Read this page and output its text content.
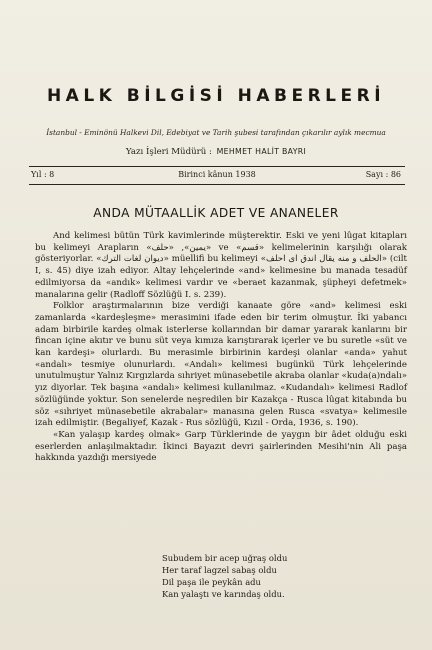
HALK BİLGİSİ HABERLERİ
İstanbul - Eminönü Halkevi Dil, Edebiyat ve Tarih şubesi tarafından çıkarılır aylık mecmua
Yazı İşleri Müdürü : MEHMET HALİT BAYRI
Yıl : 8	Birinci kânun 1938	Sayı : 86
ANDA MÜTAALLİK ADET VE ANANELER

And kelimesi bütün Türk kavimlerinde müşterektir. Eski ve yeni lûgat kitapları bu kelimeyi Arapların «يمين», «حلف» ve «قسم» kelimelerinin karşılığı olarak gösteriyorlar. «ديوان لغات الترك» müellifi bu kelimeyi «الحلف و منه يقال اندق اى احلف» (cilt I, s. 45) diye izah ediyor. Altay lehçelerinde «and» kelimesine bu manada tesadüf edilmiyorsa da «andık» kelimesi vardır ve «beraet kazanmak, şüpheyi defetmek» manalarına gelir (Radloff Sözlüğü I. s. 239).

Folklor araştırmalarının bize verdiği kanaate göre «and» kelimesi eski zamanlarda «kardeşleşme» merasimini ifade eden bir terim olmuştur. İki yabancı adam birbirile kardeş olmak isterlerse kollarından bir damar yararak kanlarını bir fincan içine akıtır ve bunu süt veya kımıza karıştırarak içerler ve bu suretle «süt ve kan kardeşi» olurlardı. Bu merasimle birbirinin kardeşi olanlar «anda» yahut «andalı» tesmiye olunurlardı. «Andalı» kelimesi bugünkü Türk lehçelerinde unutulmuştur Yalnız Kırgızlarda sıhriyet münasebetile akraba olanlar «kuda(a)ndalı» yız diyorlar. Tek başına «andalı» kelimesi kullanılmaz. «Kudandalı» kelimesi Radlof sözlüğünde yoktur. Son senelerde neşredilen bir Kazakça - Rusca lûgat kitabında bu söz «sıhriyet münasebetile akrabalar» manasına gelen Rusca «svatya» kelimesile izah edilmiştir. (Begaliyef, Kazak - Rus sözlüğü, Kızıl - Orda, 1936, s. 190).

«Kan yalaşıp kardeş olmak» Garp Türklerinde de yaygın bir âdet olduğu eski eserlerden anlaşılmaktadır. İkinci Bayazıt devri şairlerinden Mesihi'nin Ali paşa hakkında yazdığı mersiyede

Subudem bir acep uğraş oldu
Her taraf lagzel sabaş oldu
Dil paşa ile peykân adu
Kan yalaştı ve karındaş oldu.
